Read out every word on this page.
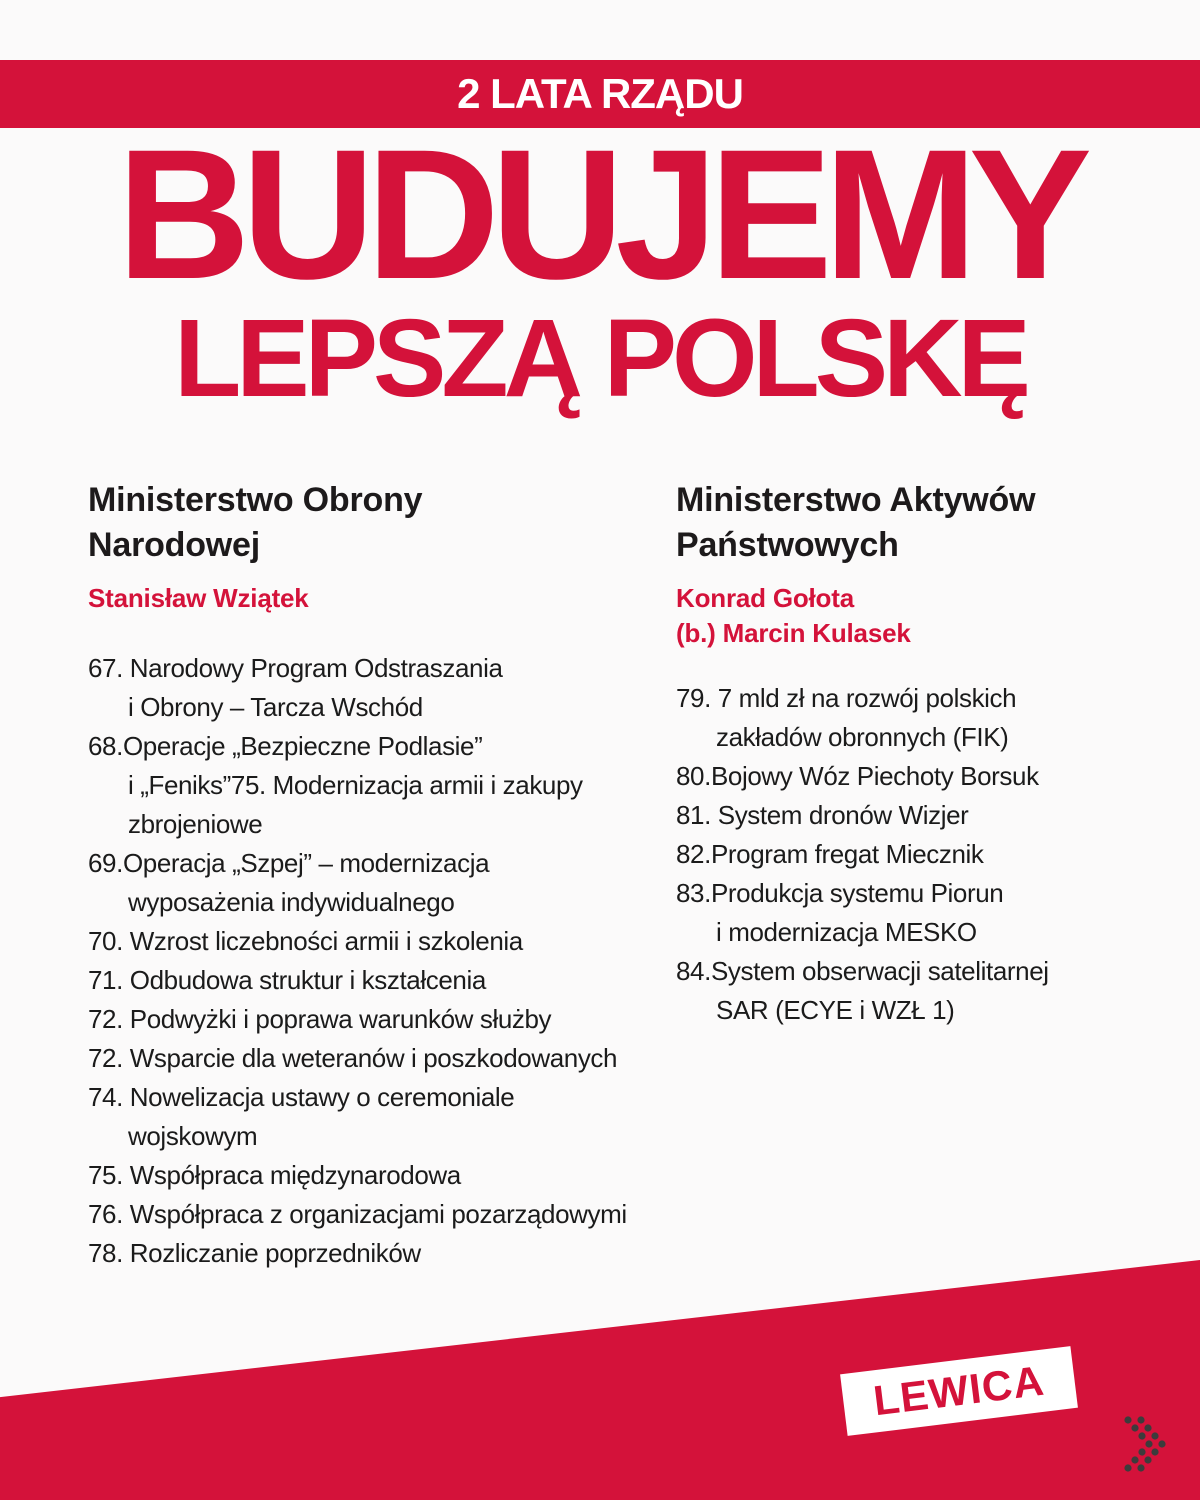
2 LATA RZĄDU
BUDUJEMY
LEPSZĄ POLSKĘ
Ministerstwo Obrony
Narodowej
Stanisław Wziątek
Ministerstwo Aktywów
Państwowych
Konrad Gołota
(b.) Marcin Kulasek
67. Narodowy Program Odstraszania
i Obrony – Tarcza Wschód
68.Operacje „Bezpieczne Podlasie”
i „Feniks”75. Modernizacja armii i zakupy
zbrojeniowe
69.Operacja „Szpej” – modernizacja
wyposażenia indywidualnego
70. Wzrost liczebności armii i szkolenia
71. Odbudowa struktur i kształcenia
72. Podwyżki i poprawa warunków służby
72. Wsparcie dla weteranów i poszkodowanych
74. Nowelizacja ustawy o ceremoniale
wojskowym
75. Współpraca międzynarodowa
76. Współpraca z organizacjami pozarządowymi
78. Rozliczanie poprzedników
79. 7 mld zł na rozwój polskich
zakładów obronnych (FIK)
80.Bojowy Wóz Piechoty Borsuk
81. System dronów Wizjer
82.Program fregat Miecznik
83.Produkcja systemu Piorun
i modernizacja MESKO
84.System obserwacji satelitarnej
SAR (ECYE i WZŁ 1)
LEWICA
